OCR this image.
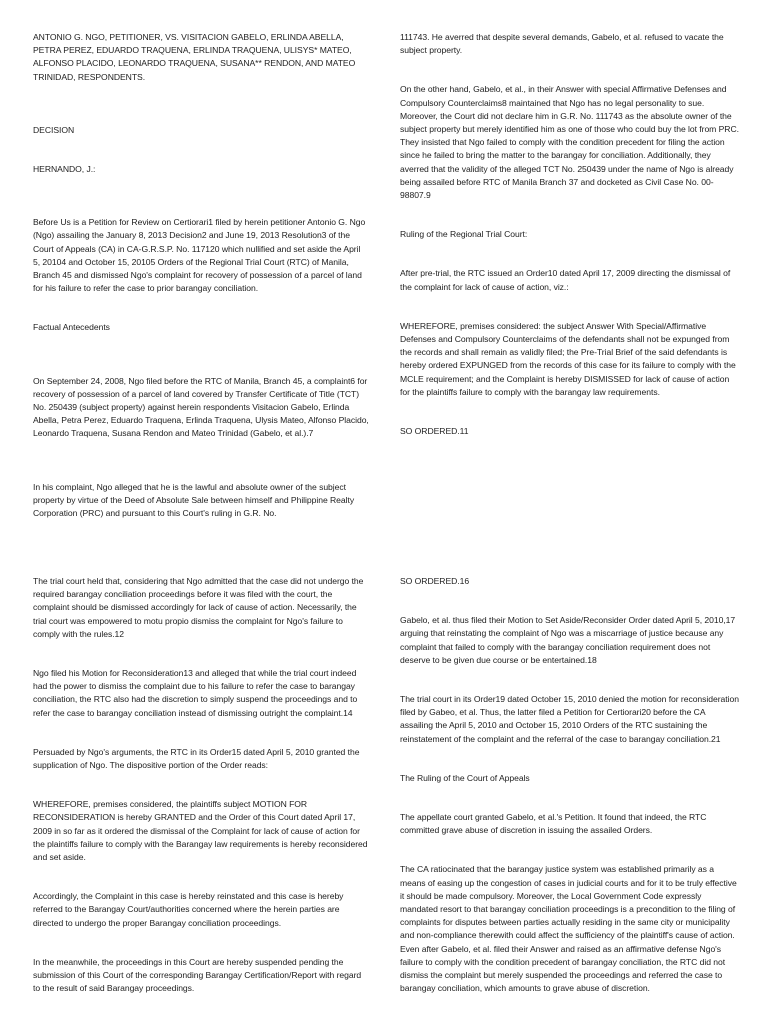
ANTONIO G. NGO, PETITIONER, VS. VISITACION GABELO, ERLINDA ABELLA, PETRA PEREZ, EDUARDO TRAQUENA, ERLINDA TRAQUENA, ULISYS* MATEO, ALFONSO PLACIDO, LEONARDO TRAQUENA, SUSANA** RENDON, AND MATEO TRINIDAD, RESPONDENTS.

DECISION

HERNANDO, J.:

Before Us is a Petition for Review on Certiorari1 filed by herein petitioner Antonio G. Ngo (Ngo) assailing the January 8, 2013 Decision2 and June 19, 2013 Resolution3 of the Court of Appeals (CA) in CA-G.R.S.P. No. 117120 which nullified and set aside the April 5, 20104 and October 15, 20105 Orders of the Regional Trial Court (RTC) of Manila, Branch 45 and dismissed Ngo's complaint for recovery of possession of a parcel of land for his failure to refer the case to prior barangay conciliation.

Factual Antecedents

On September 24, 2008, Ngo filed before the RTC of Manila, Branch 45, a complaint6 for recovery of possession of a parcel of land covered by Transfer Certificate of Title (TCT) No. 250439 (subject property) against herein respondents Visitacion Gabelo, Erlinda Abella, Petra Perez, Eduardo Traquena, Erlinda Traquena, Ulysis Mateo, Alfonso Placido, Leonardo Traquena, Susana Rendon and Mateo Trinidad (Gabelo, et al.).7

In his complaint, Ngo alleged that he is the lawful and absolute owner of the subject property by virtue of the Deed of Absolute Sale between himself and Philippine Realty Corporation (PRC) and pursuant to this Court's ruling in G.R. No.

111743. He averred that despite several demands, Gabelo, et al. refused to vacate the subject property.

On the other hand, Gabelo, et al., in their Answer with special Affirmative Defenses and Compulsory Counterclaims8 maintained that Ngo has no legal personality to sue. Moreover, the Court did not declare him in G.R. No. 111743 as the absolute owner of the subject property but merely identified him as one of those who could buy the lot from PRC. They insisted that Ngo failed to comply with the condition precedent for filing the action since he failed to bring the matter to the barangay for conciliation. Additionally, they averred that the validity of the alleged TCT No. 250439 under the name of Ngo is already being assailed before RTC of Manila Branch 37 and docketed as Civil Case No. 00-98807.9

Ruling of the Regional Trial Court:

After pre-trial, the RTC issued an Order10 dated April 17, 2009 directing the dismissal of the complaint for lack of cause of action, viz.:

WHEREFORE, premises considered: the subject Answer With Special/Affirmative Defenses and Compulsory Counterclaims of the defendants shall not be expunged from the records and shall remain as validly filed; the Pre-Trial Brief of the said defendants is hereby ordered EXPUNGED from the records of this case for its failure to comply with the MCLE requirement; and the Complaint is hereby DISMISSED for lack of cause of action for the plaintiffs failure to comply with the barangay law requirements.

SO ORDERED.11

The trial court held that, considering that Ngo admitted that the case did not undergo the required barangay conciliation proceedings before it was filed with the court, the complaint should be dismissed accordingly for lack of cause of action. Necessarily, the trial court was empowered to motu propio dismiss the complaint for Ngo's failure to comply with the rules.12

Ngo filed his Motion for Reconsideration13 and alleged that while the trial court indeed had the power to dismiss the complaint due to his failure to refer the case to barangay conciliation, the RTC also had the discretion to simply suspend the proceedings and to refer the case to barangay conciliation instead of dismissing outright the complaint.14

Persuaded by Ngo's arguments, the RTC in its Order15 dated April 5, 2010 granted the supplication of Ngo. The dispositive portion of the Order reads:

WHEREFORE, premises considered, the plaintiffs subject MOTION FOR RECONSIDERATION is hereby GRANTED and the Order of this Court dated April 17, 2009 in so far as it ordered the dismissal of the Complaint for lack of cause of action for the plaintiffs failure to comply with the Barangay law requirements is hereby reconsidered and set aside.

Accordingly, the Complaint in this case is hereby reinstated and this case is hereby referred to the Barangay Court/authorities concerned where the herein parties are directed to undergo the proper Barangay conciliation proceedings.

In the meanwhile, the proceedings in this Court are hereby suspended pending the submission of this Court of the corresponding Barangay Certification/Report with regard to the result of said Barangay proceedings.

SO ORDERED.16

Gabelo, et al. thus filed their Motion to Set Aside/Reconsider Order dated April 5, 2010,17 arguing that reinstating the complaint of Ngo was a miscarriage of justice because any complaint that failed to comply with the barangay conciliation requirement does not deserve to be given due course or be entertained.18

The trial court in its Order19 dated October 15, 2010 denied the motion for reconsideration filed by Gabeo, et al. Thus, the latter filed a Petition for Certiorari20 before the CA assailing the April 5, 2010 and October 15, 2010 Orders of the RTC sustaining the reinstatement of the complaint and the referral of the case to barangay conciliation.21

The Ruling of the Court of Appeals

The appellate court granted Gabelo, et al.'s Petition. It found that indeed, the RTC committed grave abuse of discretion in issuing the assailed Orders.

The CA ratiocinated that the barangay justice system was established primarily as a means of easing up the congestion of cases in judicial courts and for it to be truly effective it should be made compulsory. Moreover, the Local Government Code expressly mandated resort to that barangay conciliation proceedings is a precondition to the filing of complaints for disputes between parties actually residing in the same city or municipality and non-compliance therewith could affect the sufficiency of the plaintiff's cause of action. Even after Gabelo, et al. filed their Answer and raised as an affirmative defense Ngo's failure to comply with the condition precedent of barangay conciliation, the RTC did not dismiss the complaint but merely suspended the proceedings and referred the case to barangay conciliation, which amounts to grave abuse of discretion.
